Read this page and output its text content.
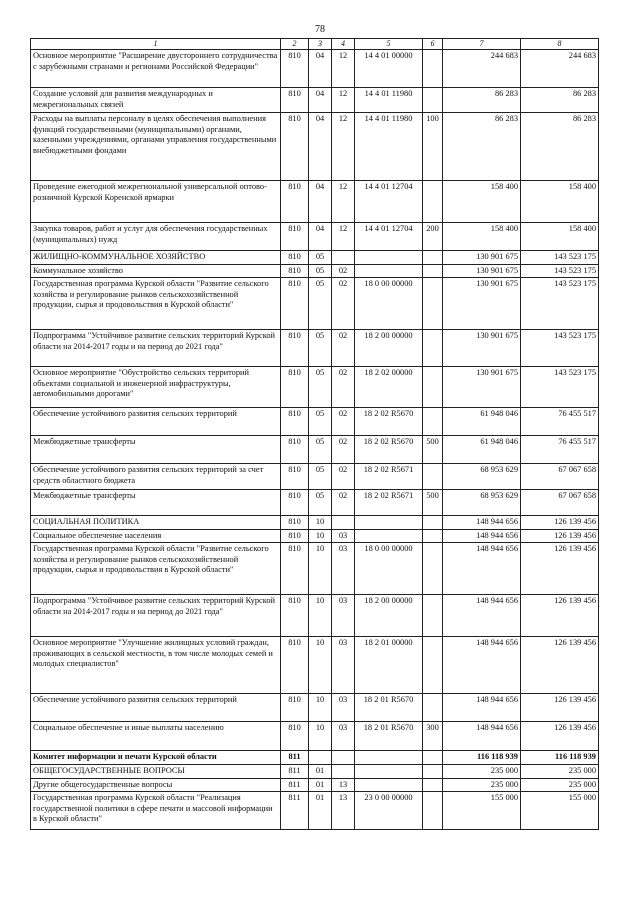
78
1	2	3	4	5	6	7	8
Основное мероприятие "Расширение двустороннего сотрудничества с зарубежными странами и регионами Российской Федерации"	810	04	12	14 4 01 00000		244 683	244 683
Создание условий для развития международных и межрегиональных связей	810	04	12	14 4 01 11980		86 283	86 283
Расходы на выплаты персоналу в целях обеспечения выполнения функций государственными (муниципальными) органами, казенными учреждениями, органами управления государственными внебюджетными фондами	810	04	12	14 4 01 11980	100	86 283	86 283
Проведение ежегодной межрегиональной универсальной оптово-розничной Курской Коренской ярмарки	810	04	12	14 4 01 12704		158 400	158 400
Закупка товаров, работ и услуг для обеспечения государственных (муниципальных) нужд	810	04	12	14 4 01 12704	200	158 400	158 400
ЖИЛИЩНО-КОММУНАЛЬНОЕ ХОЗЯЙСТВО	810	05				130 901 675	143 523 175
Коммунальное хозяйство	810	05	02			130 901 675	143 523 175
Государственная программа Курской области "Развитие сельского хозяйства и регулирование рынков сельскохозяйственной продукции, сырья и продовольствия в Курской области"	810	05	02	18 0 00 00000		130 901 675	143 523 175
Подпрограмма "Устойчивое развитие сельских территорий Курской области на 2014-2017 годы и на период до 2021 года"	810	05	02	18 2 00 00000		130 901 675	143 523 175
Основное мероприятие "Обустройство сельских территорий объектами социальной и инженерной инфраструктуры, автомобильными дорогами"	810	05	02	18 2 02 00000		130 901 675	143 523 175
Обеспечение устойчивого развития сельских территорий	810	05	02	18 2 02 R5670		61 948 046	76 455 517
Межбюджетные трансферты	810	05	02	18 2 02 R5670	500	61 948 046	76 455 517
Обеспечение устойчивого развития сельских территорий за счет средств областного бюджета	810	05	02	18 2 02 R5671		68 953 629	67 067 658
Межбюджетные трансферты	810	05	02	18 2 02 R5671	500	68 953 629	67 067 658
СОЦИАЛЬНАЯ ПОЛИТИКА	810	10				148 944 656	126 139 456
Социальное обеспечение населения	810	10	03			148 944 656	126 139 456
Государственная программа Курской области "Развитие сельского хозяйства и регулирование рынков сельскохозяйственной продукции, сырья и продовольствия в Курской области"	810	10	03	18 0 00 00000		148 944 656	126 139 456
Подпрограмма "Устойчивое развитие сельских территорий Курской области на 2014-2017 годы и на период до 2021 года"	810	10	03	18 2 00 00000		148 944 656	126 139 456
Основное мероприятие "Улучшение жилищных условий граждан, проживающих в сельской местности, в том числе молодых семей и молодых специалистов"	810	10	03	18 2 01 00000		148 944 656	126 139 456
Обеспечение устойчивого развития сельских территорий	810	10	03	18 2 01 R5670		148 944 656	126 139 456
Социальное обеспечение и иные выплаты населению	810	10	03	18 2 01 R5670	300	148 944 656	126 139 456
Комитет информации и печати Курской области	811					116 118 939	116 118 939
ОБЩЕГОСУДАРСТВЕННЫЕ ВОПРОСЫ	811	01				235 000	235 000
Другие общегосударственные вопросы	811	01	13			235 000	235 000
Государственная программа Курской области "Реализация государственной политики в сфере печати и массовой информации в Курской области"	811	01	13	23 0 00 00000		155 000	155 000
